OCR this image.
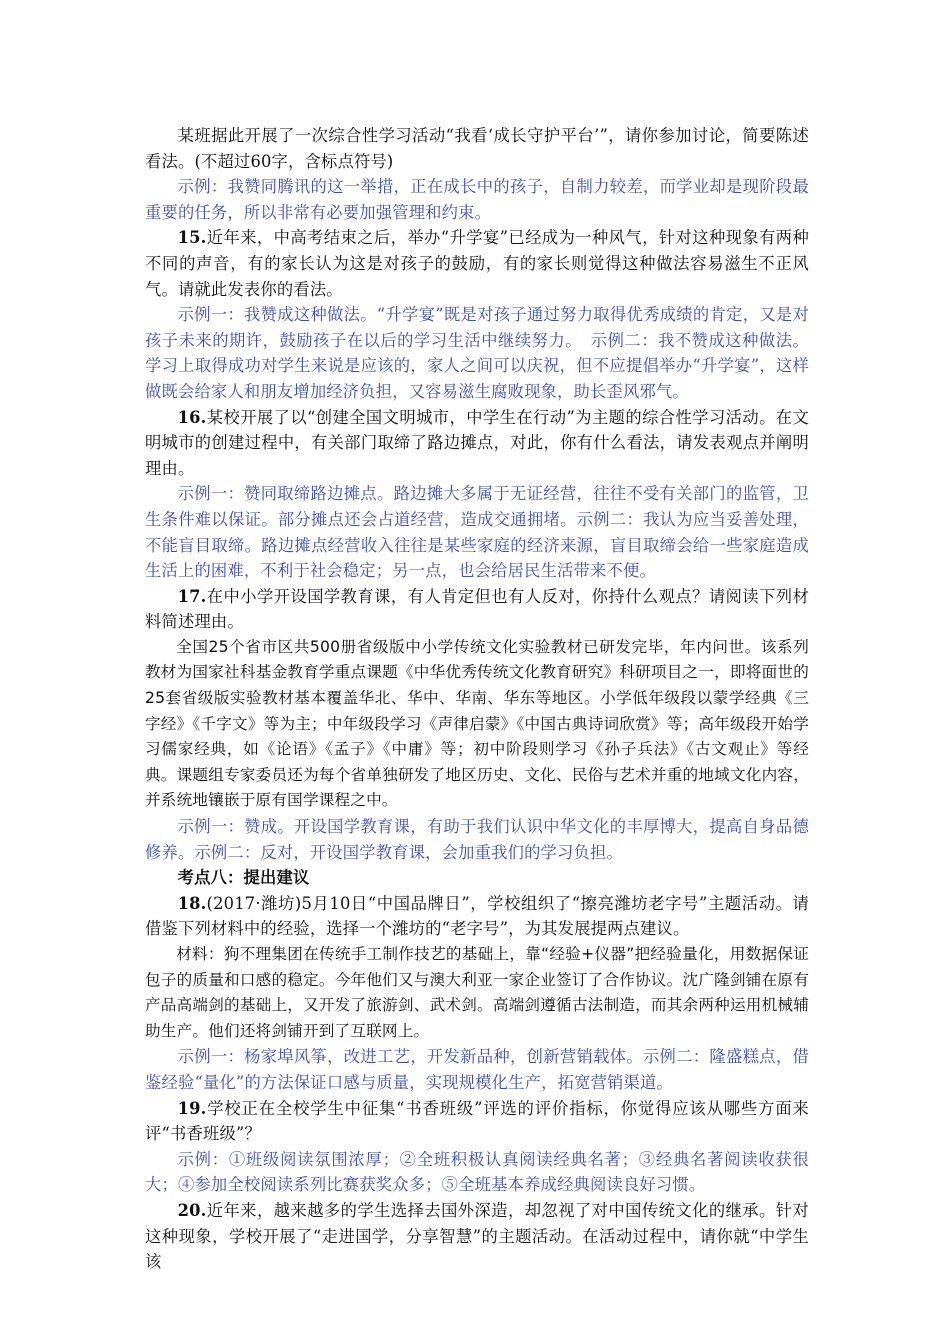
某班据此开展了一次综合性学习活动“我看‘成长守护平台’”，请你参加讨论，简要陈述看法。(不超过60字，含标点符号)

示例：我赞同腾讯的这一举措，正在成长中的孩子，自制力较差，而学业却是现阶段最重要的任务，所以非常有必要加强管理和约束。

15.近年来，中高考结束之后，举办“升学宴”已经成为一种风气，针对这种现象有两种不同的声音，有的家长认为这是对孩子的鼓励，有的家长则觉得这种做法容易滋生不正风气。请就此发表你的看法。

示例一：我赞成这种做法。“升学宴”既是对孩子通过努力取得优秀成绩的肯定，又是对孩子未来的期许，鼓励孩子在以后的学习生活中继续努力。　示例二：我不赞成这种做法。学习上取得成功对学生来说是应该的，家人之间可以庆祝，但不应提倡举办“升学宴”，这样做既会给家人和朋友增加经济负担，又容易滋生腐败现象，助长歪风邪气。

16.某校开展了以“创建全国文明城市，中学生在行动”为主题的综合性学习活动。在文明城市的创建过程中，有关部门取缔了路边摊点，对此，你有什么看法，请发表观点并阐明理由。

示例一：赞同取缔路边摊点。路边摊大多属于无证经营，往往不受有关部门的监管，卫生条件难以保证。部分摊点还会占道经营，造成交通拥堵。示例二：我认为应当妥善处理，不能盲目取缔。路边摊点经营收入往往是某些家庭的经济来源，盲目取缔会给一些家庭造成生活上的困难，不利于社会稳定；另一点，也会给居民生活带来不便。

17.在中小学开设国学教育课，有人肯定但也有人反对，你持什么观点？请阅读下列材料简述理由。

全国25个省市区共500册省级版中小学传统文化实验教材已研发完毕，年内问世。该系列教材为国家社科基金教育学重点课题《中华优秀传统文化教育研究》科研项目之一，即将面世的25套省级版实验教材基本覆盖华北、华中、华南、华东等地区。小学低年级段以蒙学经典《三字经》《千字文》等为主；中年级段学习《声律启蒙》《中国古典诗词欣赏》等；高年级段开始学习儒家经典，如《论语》《孟子》《中庸》等；初中阶段则学习《孙子兵法》《古文观止》等经典。课题组专家委员还为每个省单独研发了地区历史、文化、民俗与艺术并重的地域文化内容，并系统地镶嵌于原有国学课程之中。

示例一：赞成。开设国学教育课，有助于我们认识中华文化的丰厚博大，提高自身品德修养。示例二：反对，开设国学教育课，会加重我们的学习负担。

考点八：提出建议

18.(2017·潍坊)5月10日“中国品牌日”，学校组织了“擦亮潍坊老字号”主题活动。请借鉴下列材料中的经验，选择一个潍坊的“老字号”，为其发展提两点建议。

材料：狗不理集团在传统手工制作技艺的基础上，靠“经验+仪器”把经验量化，用数据保证包子的质量和口感的稳定。今年他们又与澳大利亚一家企业签订了合作协议。沈广隆剑铺在原有产品高端剑的基础上，又开发了旅游剑、武术剑。高端剑遵循古法制造，而其余两种运用机械辅助生产。他们还将剑铺开到了互联网上。

示例一：杨家埠风筝，改进工艺，开发新品种，创新营销载体。示例二：隆盛糕点，借鉴经验“量化”的方法保证口感与质量，实现规模化生产，拓宽营销渠道。

19.学校正在全校学生中征集“书香班级”评选的评价指标，你觉得应该从哪些方面来评“书香班级”？

示例：①班级阅读氛围浓厚；②全班积极认真阅读经典名著；③经典名著阅读收获很大；④参加全校阅读系列比赛获奖众多；⑤全班基本养成经典阅读良好习惯。

20.近年来，越来越多的学生选择去国外深造，却忽视了对中国传统文化的继承。针对这种现象，学校开展了“走进国学，分享智慧”的主题活动。在活动过程中，请你就“中学生该
